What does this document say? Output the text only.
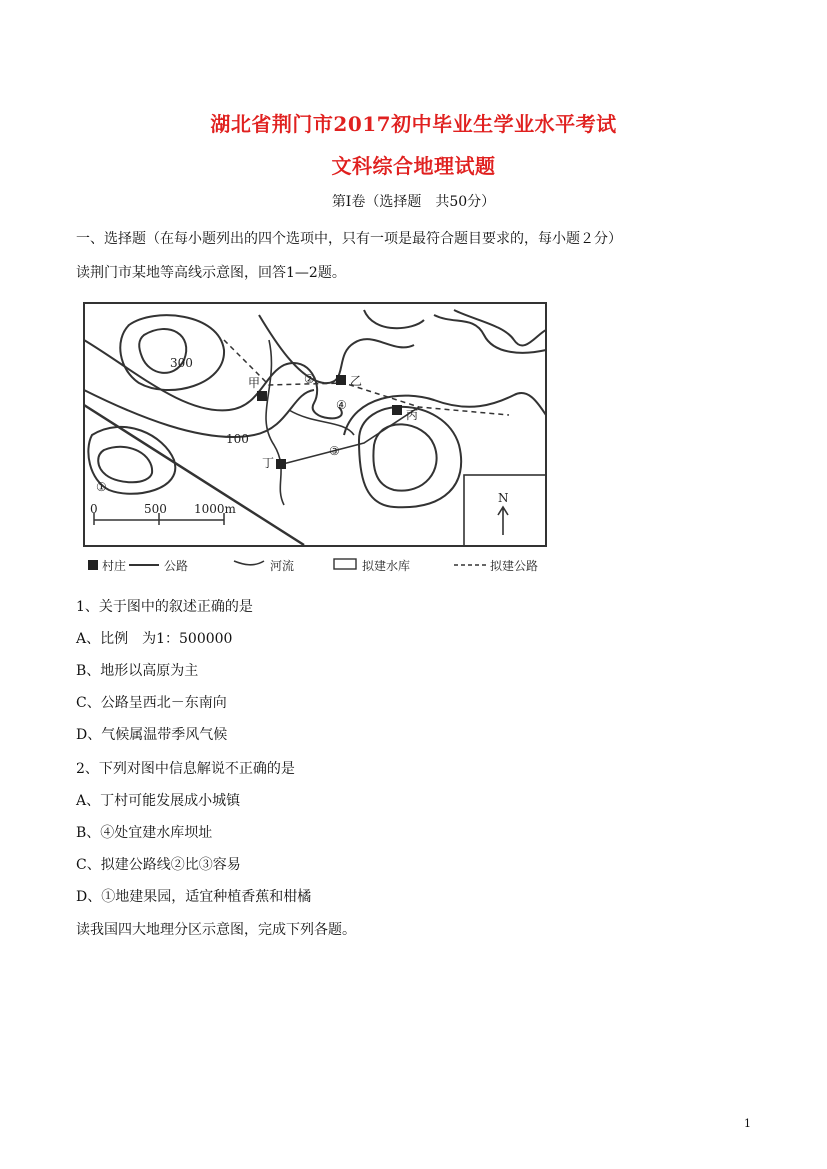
湖北省荆门市2017初中毕业生学业水平考试
文科综合地理试题
第Ⅰ卷（选择题　共50分）
一、选择题（在每小题列出的四个选项中，只有一项是最符合题目要求的，每小题２分）
读荆门市某地等高线示意图，回答1—2题。
300
100
甲	乙
丙
丁
①
②
③
④
0	500 1000m
N
村庄	公路	河流	拟建水库	拟建公路
1、关于图中的叙述正确的是
A、比例　为1：500000
B、地形以高原为主
C、公路呈西北－东南向
D、气候属温带季风气候
2、下列对图中信息解说不正确的是
A、丁村可能发展成小城镇
B、④处宜建水库坝址
C、拟建公路线②比③容易
D、①地建果园，适宜种植香蕉和柑橘
读我国四大地理分区示意图，完成下列各题。
1
